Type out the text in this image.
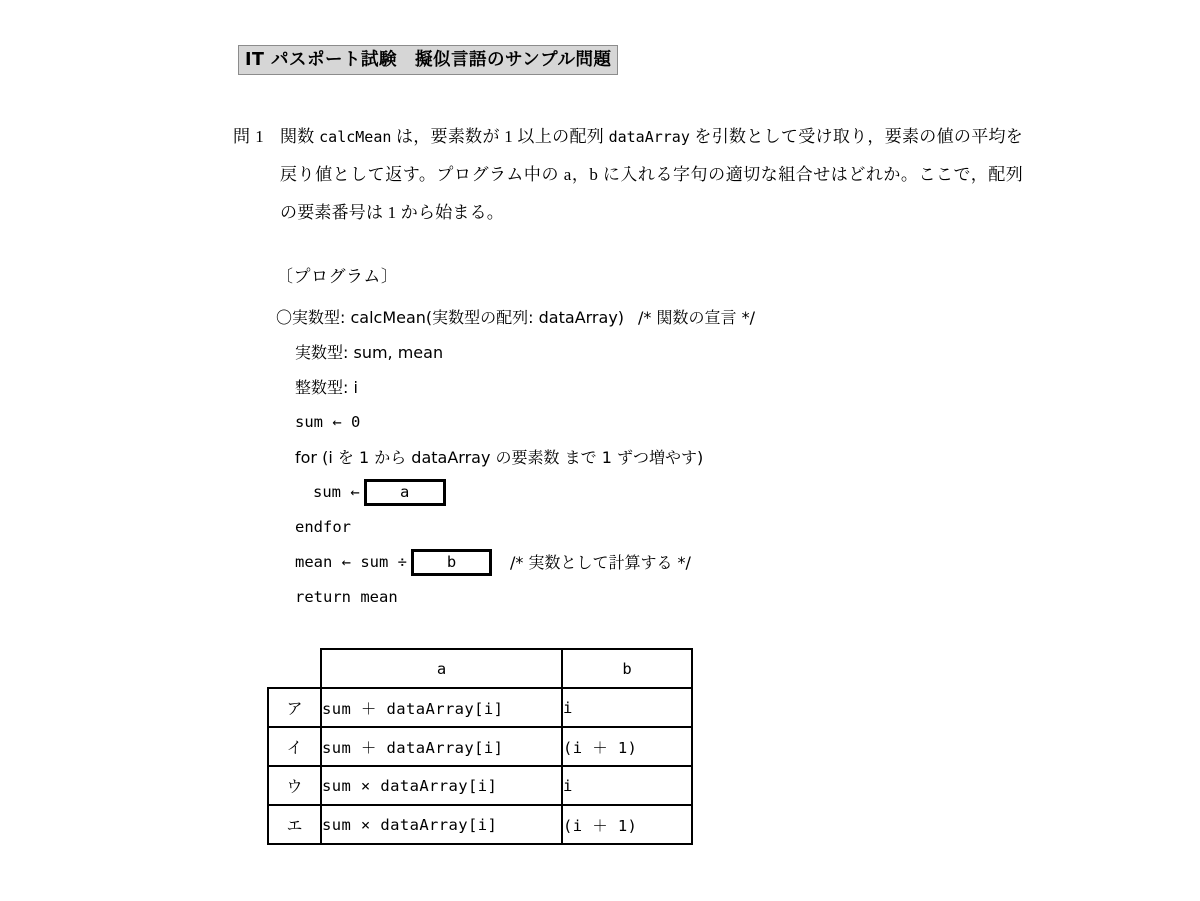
IT パスポート試験　擬似言語のサンプル問題
問 1 関数 calcMean は，要素数が 1 以上の配列 dataArray を引数として受け取り，要素の値の平均を戻り値として返す。プログラム中の a，b に入れる字句の適切な組合せはどれか。ここで，配列の要素番号は 1 から始まる。
〔プログラム〕
〇実数型: calcMean(実数型の配列: dataArray) /* 関数の宣言 */
実数型: sum, mean
整数型: i
sum ← 0
for (i を 1 から dataArray の要素数 まで 1 ずつ増やす)
sum ←	a
endfor
mean ← sum ÷	b	/* 実数として計算する */
return mean
	a	b
ア	sum ＋ dataArray[i]	i
イ	sum ＋ dataArray[i]	(i ＋ 1)
ウ	sum × dataArray[i]	i
エ	sum × dataArray[i]	(i ＋ 1)
